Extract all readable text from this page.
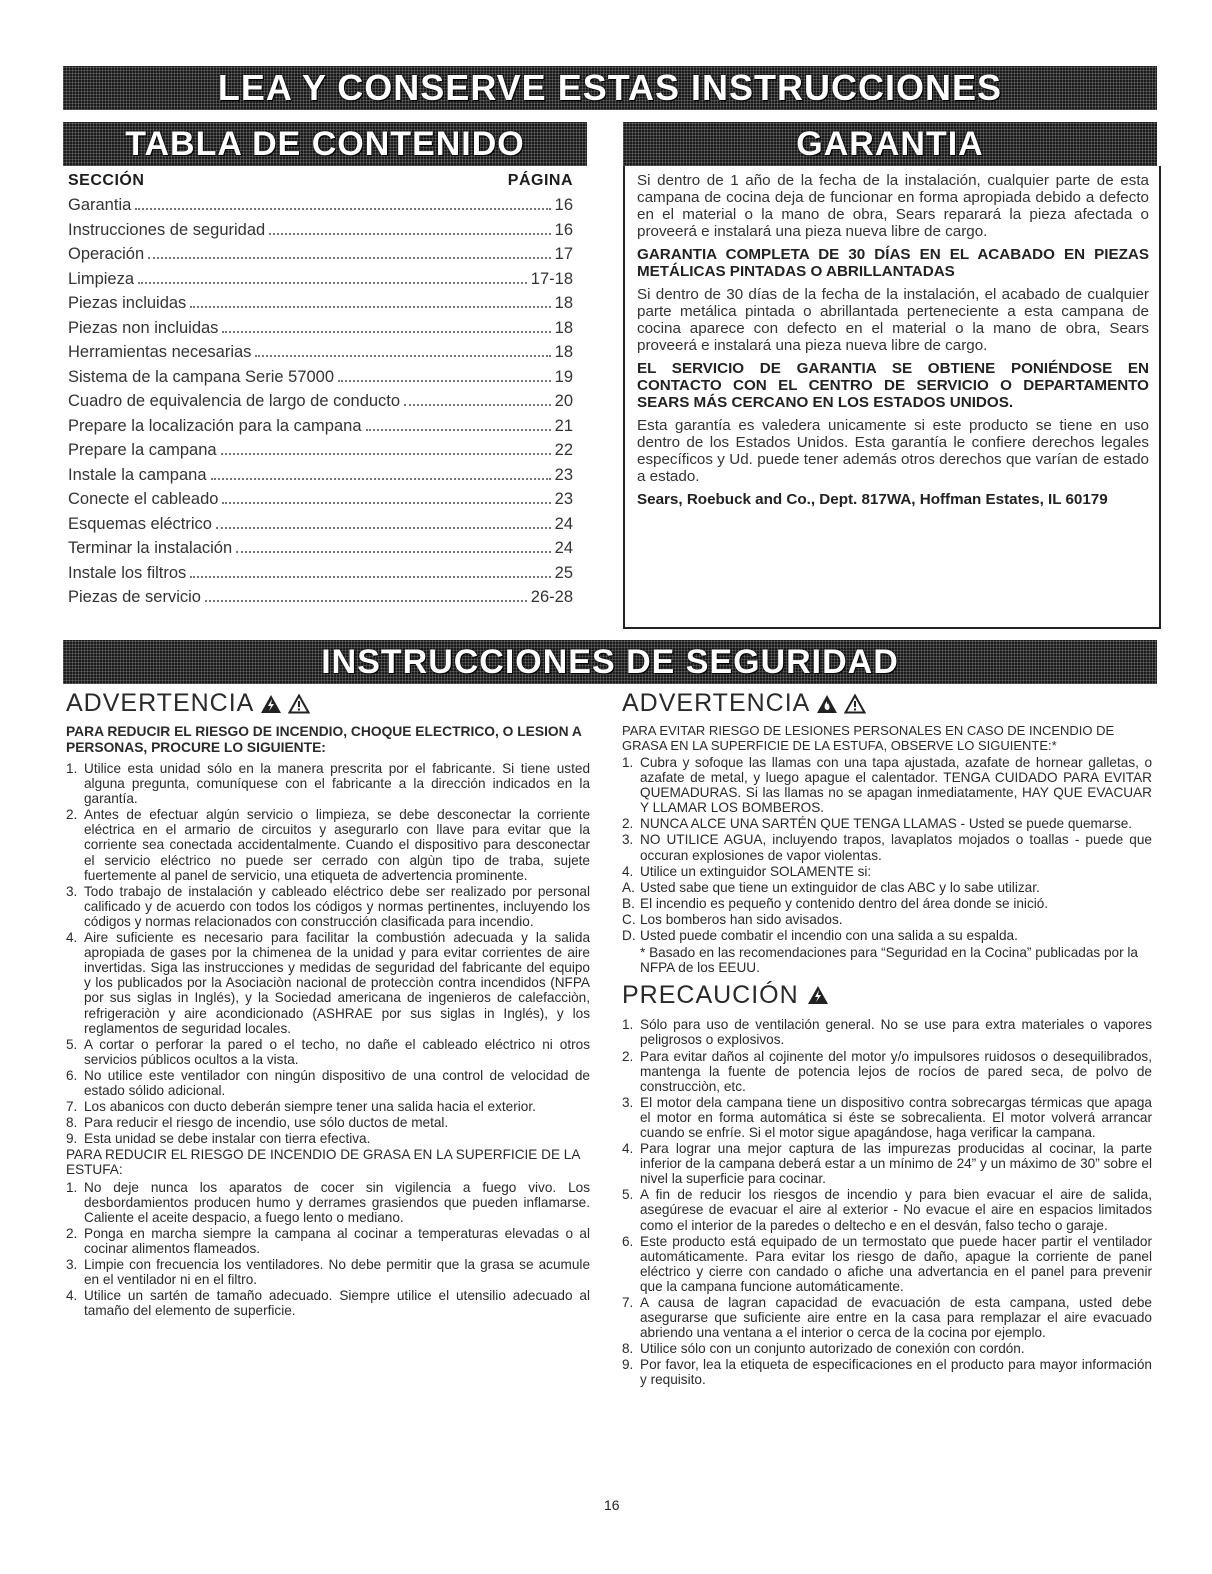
LEA Y CONSERVE ESTAS INSTRUCCIONES
TABLA DE CONTENIDO	GARANTIA
SECCIÓN	PÁGINA
Garantia	16
Instrucciones de seguridad	16
Operación	17
Limpieza	17-18
Piezas incluidas	18
Piezas non incluidas	18
Herramientas necesarias	18
Sistema de la campana Serie 57000	19
Cuadro de equivalencia de largo de conducto	20
Prepare la localización para la campana	21
Prepare la campana	22
Instale la campana	23
Conecte el cableado	23
Esquemas eléctrico	24
Terminar la instalación	24
Instale los filtros	25
Piezas de servicio	26-28

Si dentro de 1 año de la fecha de la instalación, cualquier parte de esta campana de cocina deja de funcionar en forma apropiada debido a defecto en el material o la mano de obra, Sears reparará la pieza afectada o proveerá e instalará una pieza nueva libre de cargo.

GARANTIA COMPLETA DE 30 DÍAS EN EL ACABADO EN PIEZAS METÁLICAS PINTADAS O ABRILLANTADAS

Si dentro de 30 días de la fecha de la instalación, el acabado de cualquier parte metálica pintada o abrillantada perteneciente a esta campana de cocina aparece con defecto en el material o la mano de obra, Sears proveerá e instalará una pieza nueva libre de cargo.

EL SERVICIO DE GARANTIA SE OBTIENE PONIÉNDOSE EN CONTACTO CON EL CENTRO DE SERVICIO O DEPARTAMENTO SEARS MÁS CERCANO EN LOS ESTADOS UNIDOS.

Esta garantía es valedera unicamente si este producto se tiene en uso dentro de los Estados Unidos. Esta garantía le confiere derechos legales específicos y Ud. puede tener además otros derechos que varían de estado a estado.

Sears, Roebuck and Co., Dept. 817WA, Hoffman Estates, IL 60179

INSTRUCCIONES DE SEGURIDAD
ADVERTENCIA
PARA REDUCIR EL RIESGO DE INCENDIO, CHOQUE ELECTRICO, O LESION A PERSONAS, PROCURE LO SIGUIENTE:
1. Utilice esta unidad sólo en la manera prescrita por el fabricante. Si tiene usted alguna pregunta, comuníquese con el fabricante a la dirección indicados en la garantía.
2. Antes de efectuar algún servicio o limpieza, se debe desconectar la corriente eléctrica en el armario de circuitos y asegurarlo con llave para evitar que la corriente sea conectada accidentalmente. Cuando el dispositivo para desconectar el servicio eléctrico no puede ser cerrado con algùn tipo de traba, sujete fuertemente al panel de servicio, una etiqueta de advertencia prominente.
3. Todo trabajo de instalación y cableado eléctrico debe ser realizado por personal calificado y de acuerdo con todos los códigos y normas pertinentes, incluyendo los códigos y normas relacionados con construcción clasificada para incendio.
4. Aire suficiente es necesario para facilitar la combustión adecuada y la salida apropiada de gases por la chimenea de la unidad y para evitar corrientes de aire invertidas. Siga las instrucciones y medidas de seguridad del fabricante del equipo y los publicados por la Asociaciòn nacional de protecciòn contra incendidos (NFPA por sus siglas in Inglés), y la Sociedad americana de ingenieros de calefacciòn, refrigeraciòn y aire acondicionado (ASHRAE por sus siglas in Inglés), y los reglamentos de seguridad locales.
5. A cortar o perforar la pared o el techo, no dañe el cableado eléctrico ni otros servicios públicos ocultos a la vista.
6. No utilice este ventilador con ningún dispositivo de una control de velocidad de estado sólido adicional.
7. Los abanicos con ducto deberán siempre tener una salida hacia el exterior.
8. Para reducir el riesgo de incendio, use sólo ductos de metal.
9. Esta unidad se debe instalar con tierra efectiva.
PARA REDUCIR EL RIESGO DE INCENDIO DE GRASA EN LA SUPERFICIE DE LA ESTUFA:
1. No deje nunca los aparatos de cocer sin vigilencia a fuego vivo. Los desbordamientos producen humo y derrames grasiendos que pueden inflamarse. Caliente el aceite despacio, a fuego lento o mediano.
2. Ponga en marcha siempre la campana al cocinar a temperaturas elevadas o al cocinar alimentos flameados.
3. Limpie con frecuencia los ventiladores. No debe permitir que la grasa se acumule en el ventilador ni en el filtro.
4. Utilice un sartén de tamaño adecuado. Siempre utilice el utensilio adecuado al tamaño del elemento de superficie.
ADVERTENCIA
PARA EVITAR RIESGO DE LESIONES PERSONALES EN CASO DE INCENDIO DE GRASA EN LA SUPERFICIE DE LA ESTUFA, OBSERVE LO SIGUIENTE:*
1. Cubra y sofoque las llamas con una tapa ajustada, azafate de hornear galletas, o azafate de metal, y luego apague el calentador. TENGA CUIDADO PARA EVITAR QUEMADURAS. Si las llamas no se apagan inmediatamente, HAY QUE EVACUAR Y LLAMAR LOS BOMBEROS.
2. NUNCA ALCE UNA SARTÉN QUE TENGA LLAMAS - Usted se puede quemarse.
3. NO UTILICE AGUA, incluyendo trapos, lavaplatos mojados o toallas - puede que occuran explosiones de vapor violentas.
4. Utilice un extinguidor SOLAMENTE si:
A. Usted sabe que tiene un extinguidor de clas ABC y lo sabe utilizar.
B. El incendio es pequeño y contenido dentro del área donde se inició.
C. Los bomberos han sido avisados.
D. Usted puede combatir el incendio con una salida a su espalda.
* Basado en las recomendaciones para “Seguridad en la Cocina” publicadas por la NFPA de los EEUU.
PRECAUCIÓN
1. Sólo para uso de ventilación general. No se use para extra materiales o vapores peligrosos o explosivos.
2. Para evitar daños al cojinente del motor y/o impulsores ruidosos o desequilibrados, mantenga la fuente de potencia lejos de rocíos de pared seca, de polvo de construcciòn, etc.
3. El motor dela campana tiene un dispositivo contra sobrecargas térmicas que apaga el motor en forma automática si éste se sobrecalienta. El motor volverá arrancar cuando se enfríe. Si el motor sigue apagándose, haga verificar la campana.
4. Para lograr una mejor captura de las impurezas producidas al cocinar, la parte inferior de la campana deberá estar a un mínimo de 24” y un máximo de 30” sobre el nivel la superficie para cocinar.
5. A fin de reducir los riesgos de incendio y para bien evacuar el aire de salida, asegúrese de evacuar el aire al exterior - No evacue el aire en espacios limitados como el interior de la paredes o deltecho e en el desván, falso techo o garaje.
6. Este producto está equipado de un termostato que puede hacer partir el ventilador automáticamente. Para evitar los riesgo de daño, apague la corriente de panel eléctrico y cierre con candado o afiche una advertancia en el panel para prevenir que la campana funcione automáticamente.
7. A causa de lagran capacidad de evacuación de esta campana, usted debe asegurarse que suficiente aire entre en la casa para remplazar el aire evacuado abriendo una ventana a el interior o cerca de la cocina por ejemplo.
8. Utilice sólo con un conjunto autorizado de conexión con cordón.
9. Por favor, lea la etiqueta de especificaciones en el producto para mayor información y requisito.
16
